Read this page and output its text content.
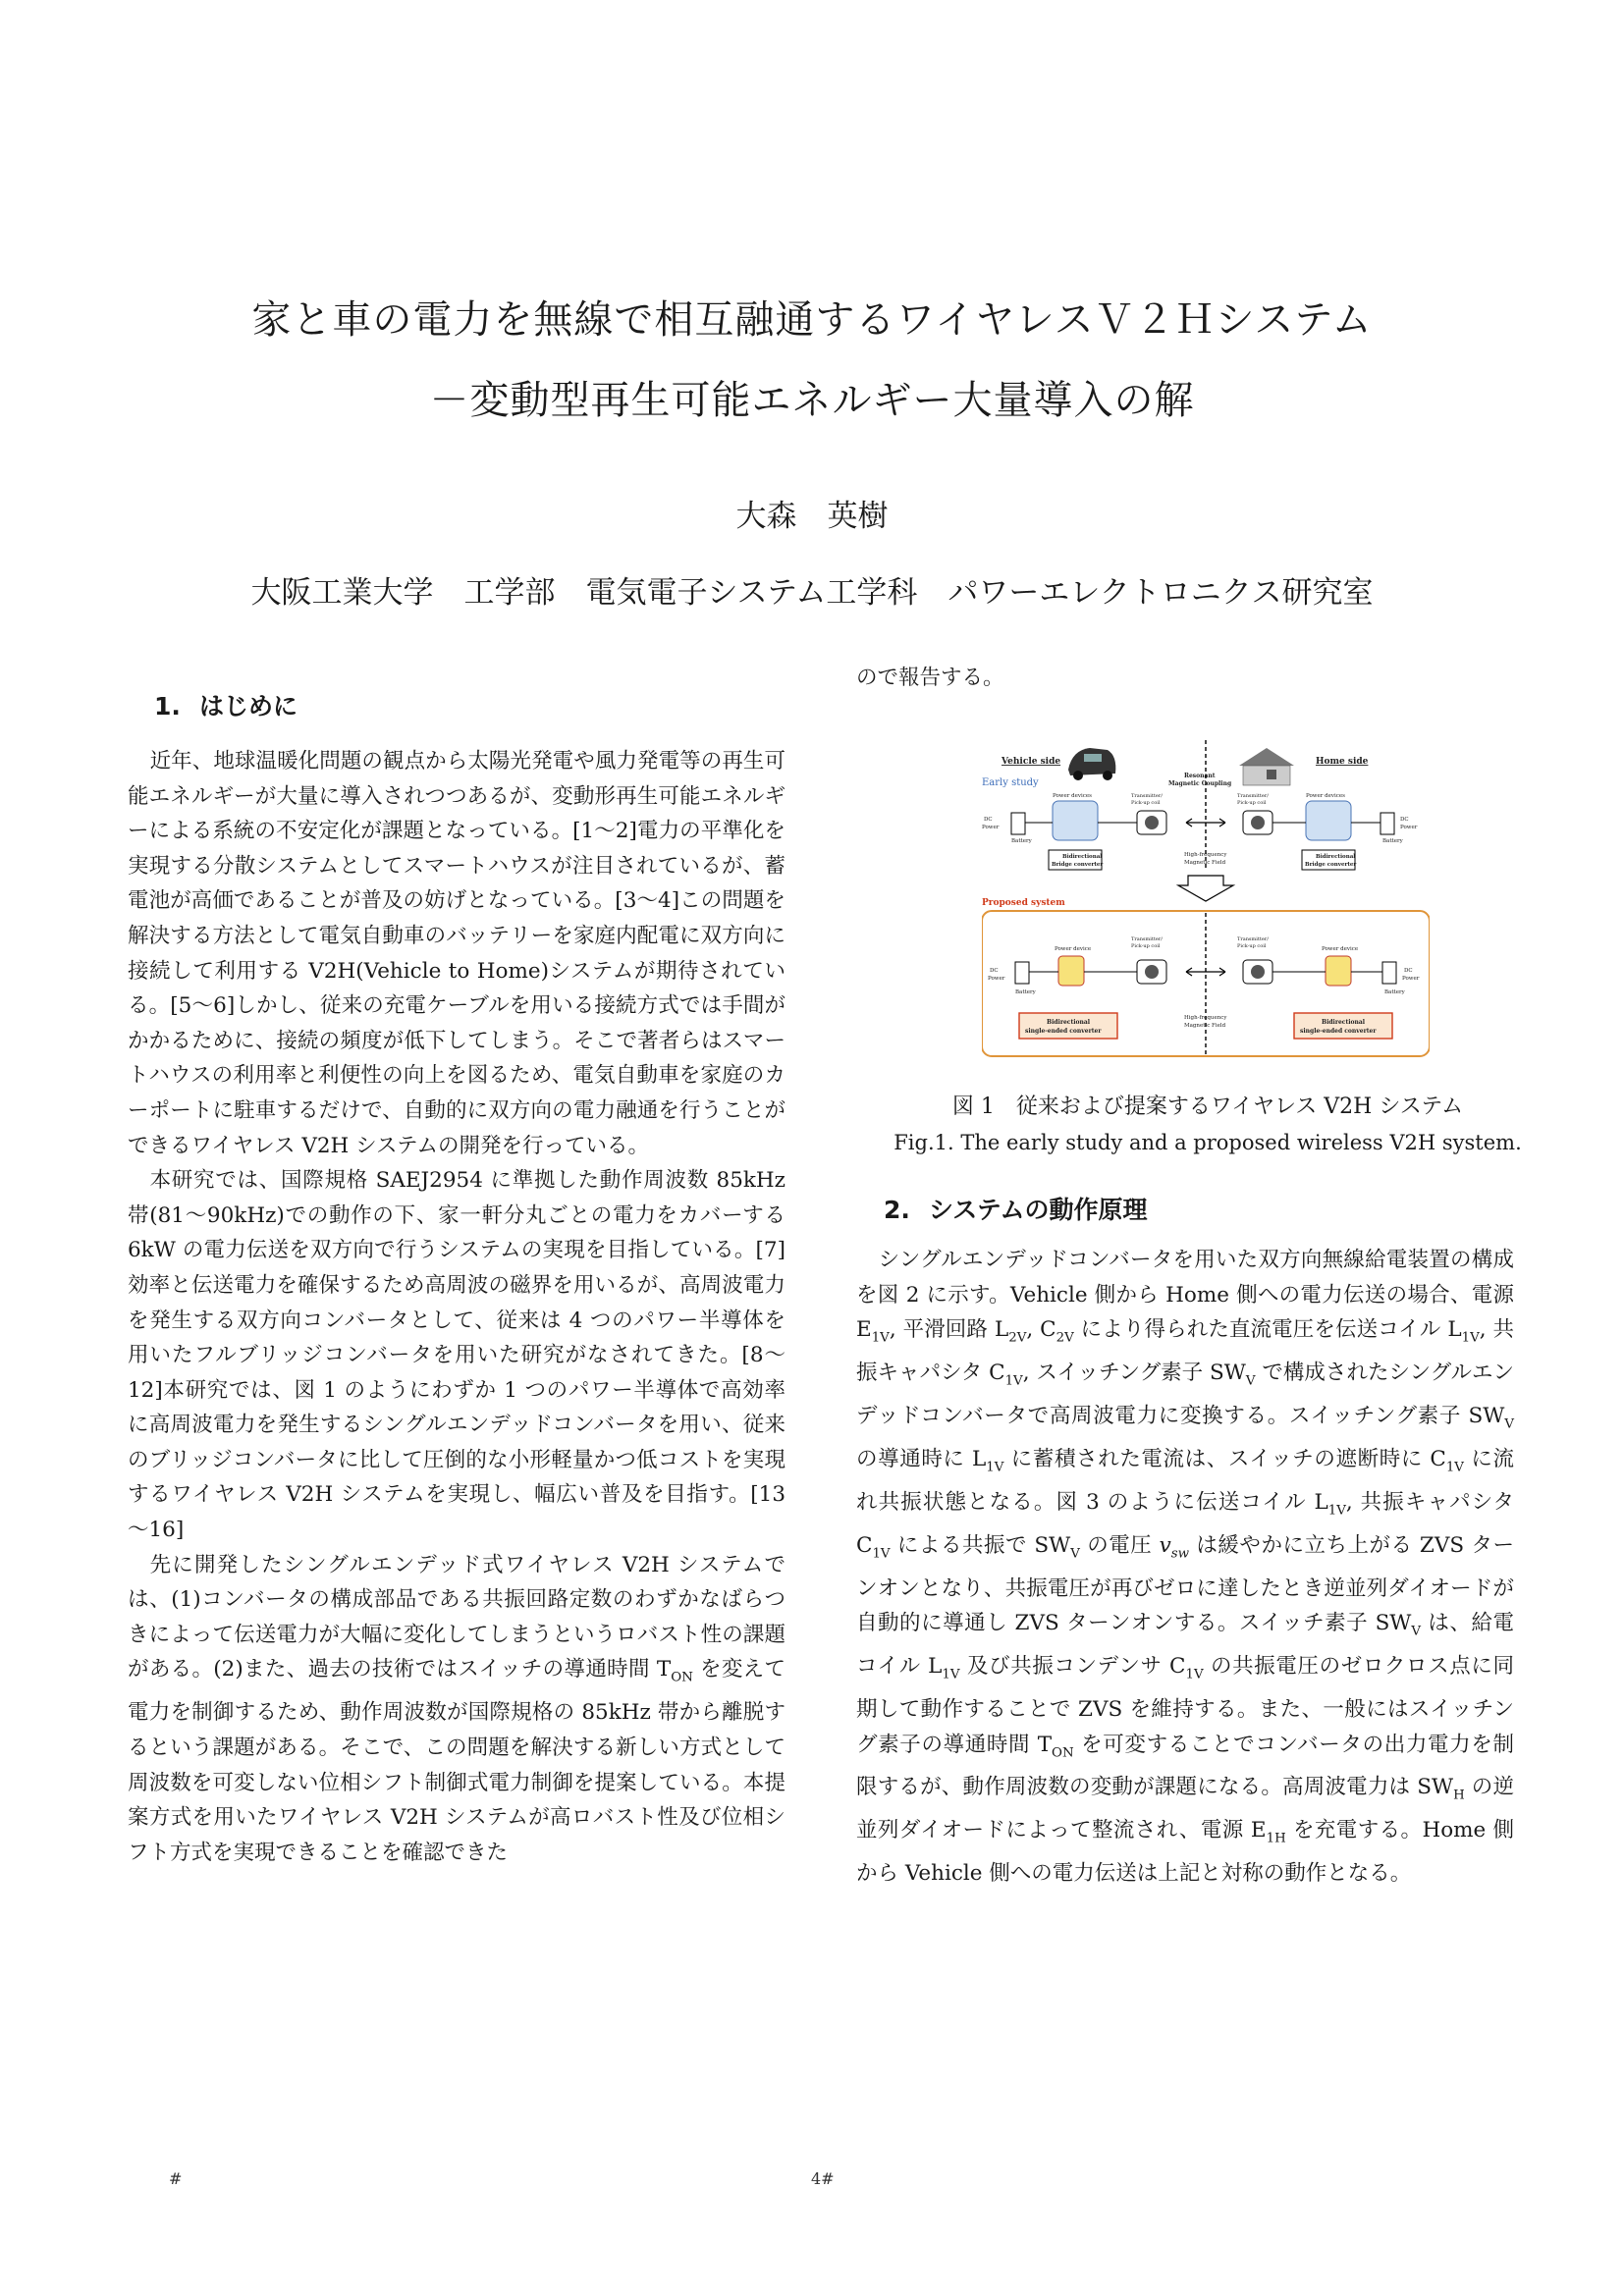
家と車の電力を無線で相互融通するワイヤレスＶ２Ｈシステム
－変動型再生可能エネルギー大量導入の解
大森　英樹
大阪工業大学　工学部　電気電子システム工学科　パワーエレクトロニクス研究室
1. はじめに

近年、地球温暖化問題の観点から太陽光発電や風力発電等の再生可能エネルギーが大量に導入されつつあるが、変動形再生可能エネルギーによる系統の不安定化が課題となっている。[1～2]電力の平準化を実現する分散システムとしてスマートハウスが注目されているが、蓄電池が高価であることが普及の妨げとなっている。[3～4]この問題を解決する方法として電気自動車のバッテリーを家庭内配電に双方向に接続して利用する V2H(Vehicle to Home)システムが期待されている。[5～6]しかし、従来の充電ケーブルを用いる接続方式では手間がかかるために、接続の頻度が低下してしまう。そこで著者らはスマートハウスの利用率と利便性の向上を図るため、電気自動車を家庭のカーポートに駐車するだけで、自動的に双方向の電力融通を行うことができるワイヤレス V2H システムの開発を行っている。

本研究では、国際規格 SAEJ2954 に準拠した動作周波数 85kHz 帯(81～90kHz)での動作の下、家一軒分丸ごとの電力をカバーする 6kW の電力伝送を双方向で行うシステムの実現を目指している。[7]効率と伝送電力を確保するため高周波の磁界を用いるが、高周波電力を発生する双方向コンバータとして、従来は 4 つのパワー半導体を用いたフルブリッジコンバータを用いた研究がなされてきた。[8～12]本研究では、図 1 のようにわずか 1 つのパワー半導体で高効率に高周波電力を発生するシングルエンデッドコンバータを用い、従来のブリッジコンバータに比して圧倒的な小形軽量かつ低コストを実現するワイヤレス V2H システムを実現し、幅広い普及を目指す。[13～16]

先に開発したシングルエンデッド式ワイヤレス V2H システムでは、(1)コンバータの構成部品である共振回路定数のわずかなばらつきによって伝送電力が大幅に変化してしまうというロバスト性の課題がある。(2)また、過去の技術ではスイッチの導通時間 $T_{ON}$ を変えて電力を制御するため、動作周波数が国際規格の 85kHz 帯から離脱するという課題がある。そこで、この問題を解決する新しい方式として周波数を可変しない位相シフト制御式電力制御を提案している。本提案方式を用いたワイヤレス V2H システムが高ロバスト性及び位相シフト方式を実現できることを確認できた

ので報告する。

Vehicle side	Home side
Resonant
Magnetic Coupling
Early study
DC
Power
Battery
Power devices
Bidirectional
Bridge converter
Transmitter/
Pick-up coil
Transmitter/
Pick-up coil
High-frequency
Magnetic Field
Power devices
Bidirectional
Bridge converter
DC
Power
Battery
Proposed system
DC
Power
Battery
Power device
Transmitter/
Pick-up coil
Transmitter/
Pick-up coil
High-frequency
Magnetic Field
Power device
DC
Power
Battery
Bidirectional
single-ended converter
Bidirectional
single-ended converter
図 1　従来および提案するワイヤレス V2H システム
Fig.1. The early study and a proposed wireless V2H system.
2. システムの動作原理

シングルエンデッドコンバータを用いた双方向無線給電装置の構成を図 2 に示す。Vehicle 側から Home 側への電力伝送の場合、電源 $E_{1V}$, 平滑回路 $L_{2V}$, $C_{2V}$ により得られた直流電圧を伝送コイル $L_{1V}$, 共振キャパシタ $C_{1V}$, スイッチング素子 $SW_V$ で構成されたシングルエンデッドコンバータで高周波電力に変換する。スイッチング素子 $SW_V$ の導通時に $L_{1V}$ に蓄積された電流は、スイッチの遮断時に $C_{1V}$ に流れ共振状態となる。図 3 のように伝送コイル $L_{1V}$, 共振キャパシタ $C_{1V}$ による共振で $SW_V$ の電圧 $v_{sw}$ は緩やかに立ち上がる ZVS ターンオンとなり、共振電圧が再びゼロに達したとき逆並列ダイオードが自動的に導通し ZVS ターンオンする。スイッチ素子 $SW_V$ は、給電コイル $L_{1V}$ 及び共振コンデンサ $C_{1V}$ の共振電圧のゼロクロス点に同期して動作することで ZVS を維持する。また、一般にはスイッチング素子の導通時間 $T_{ON}$ を可変することでコンバータの出力電力を制限するが、動作周波数の変動が課題になる。高周波電力は $SW_H$ の逆並列ダイオードによって整流され、電源 $E_{1H}$ を充電する。Home 側から Vehicle 側への電力伝送は上記と対称の動作となる。

#	4#
